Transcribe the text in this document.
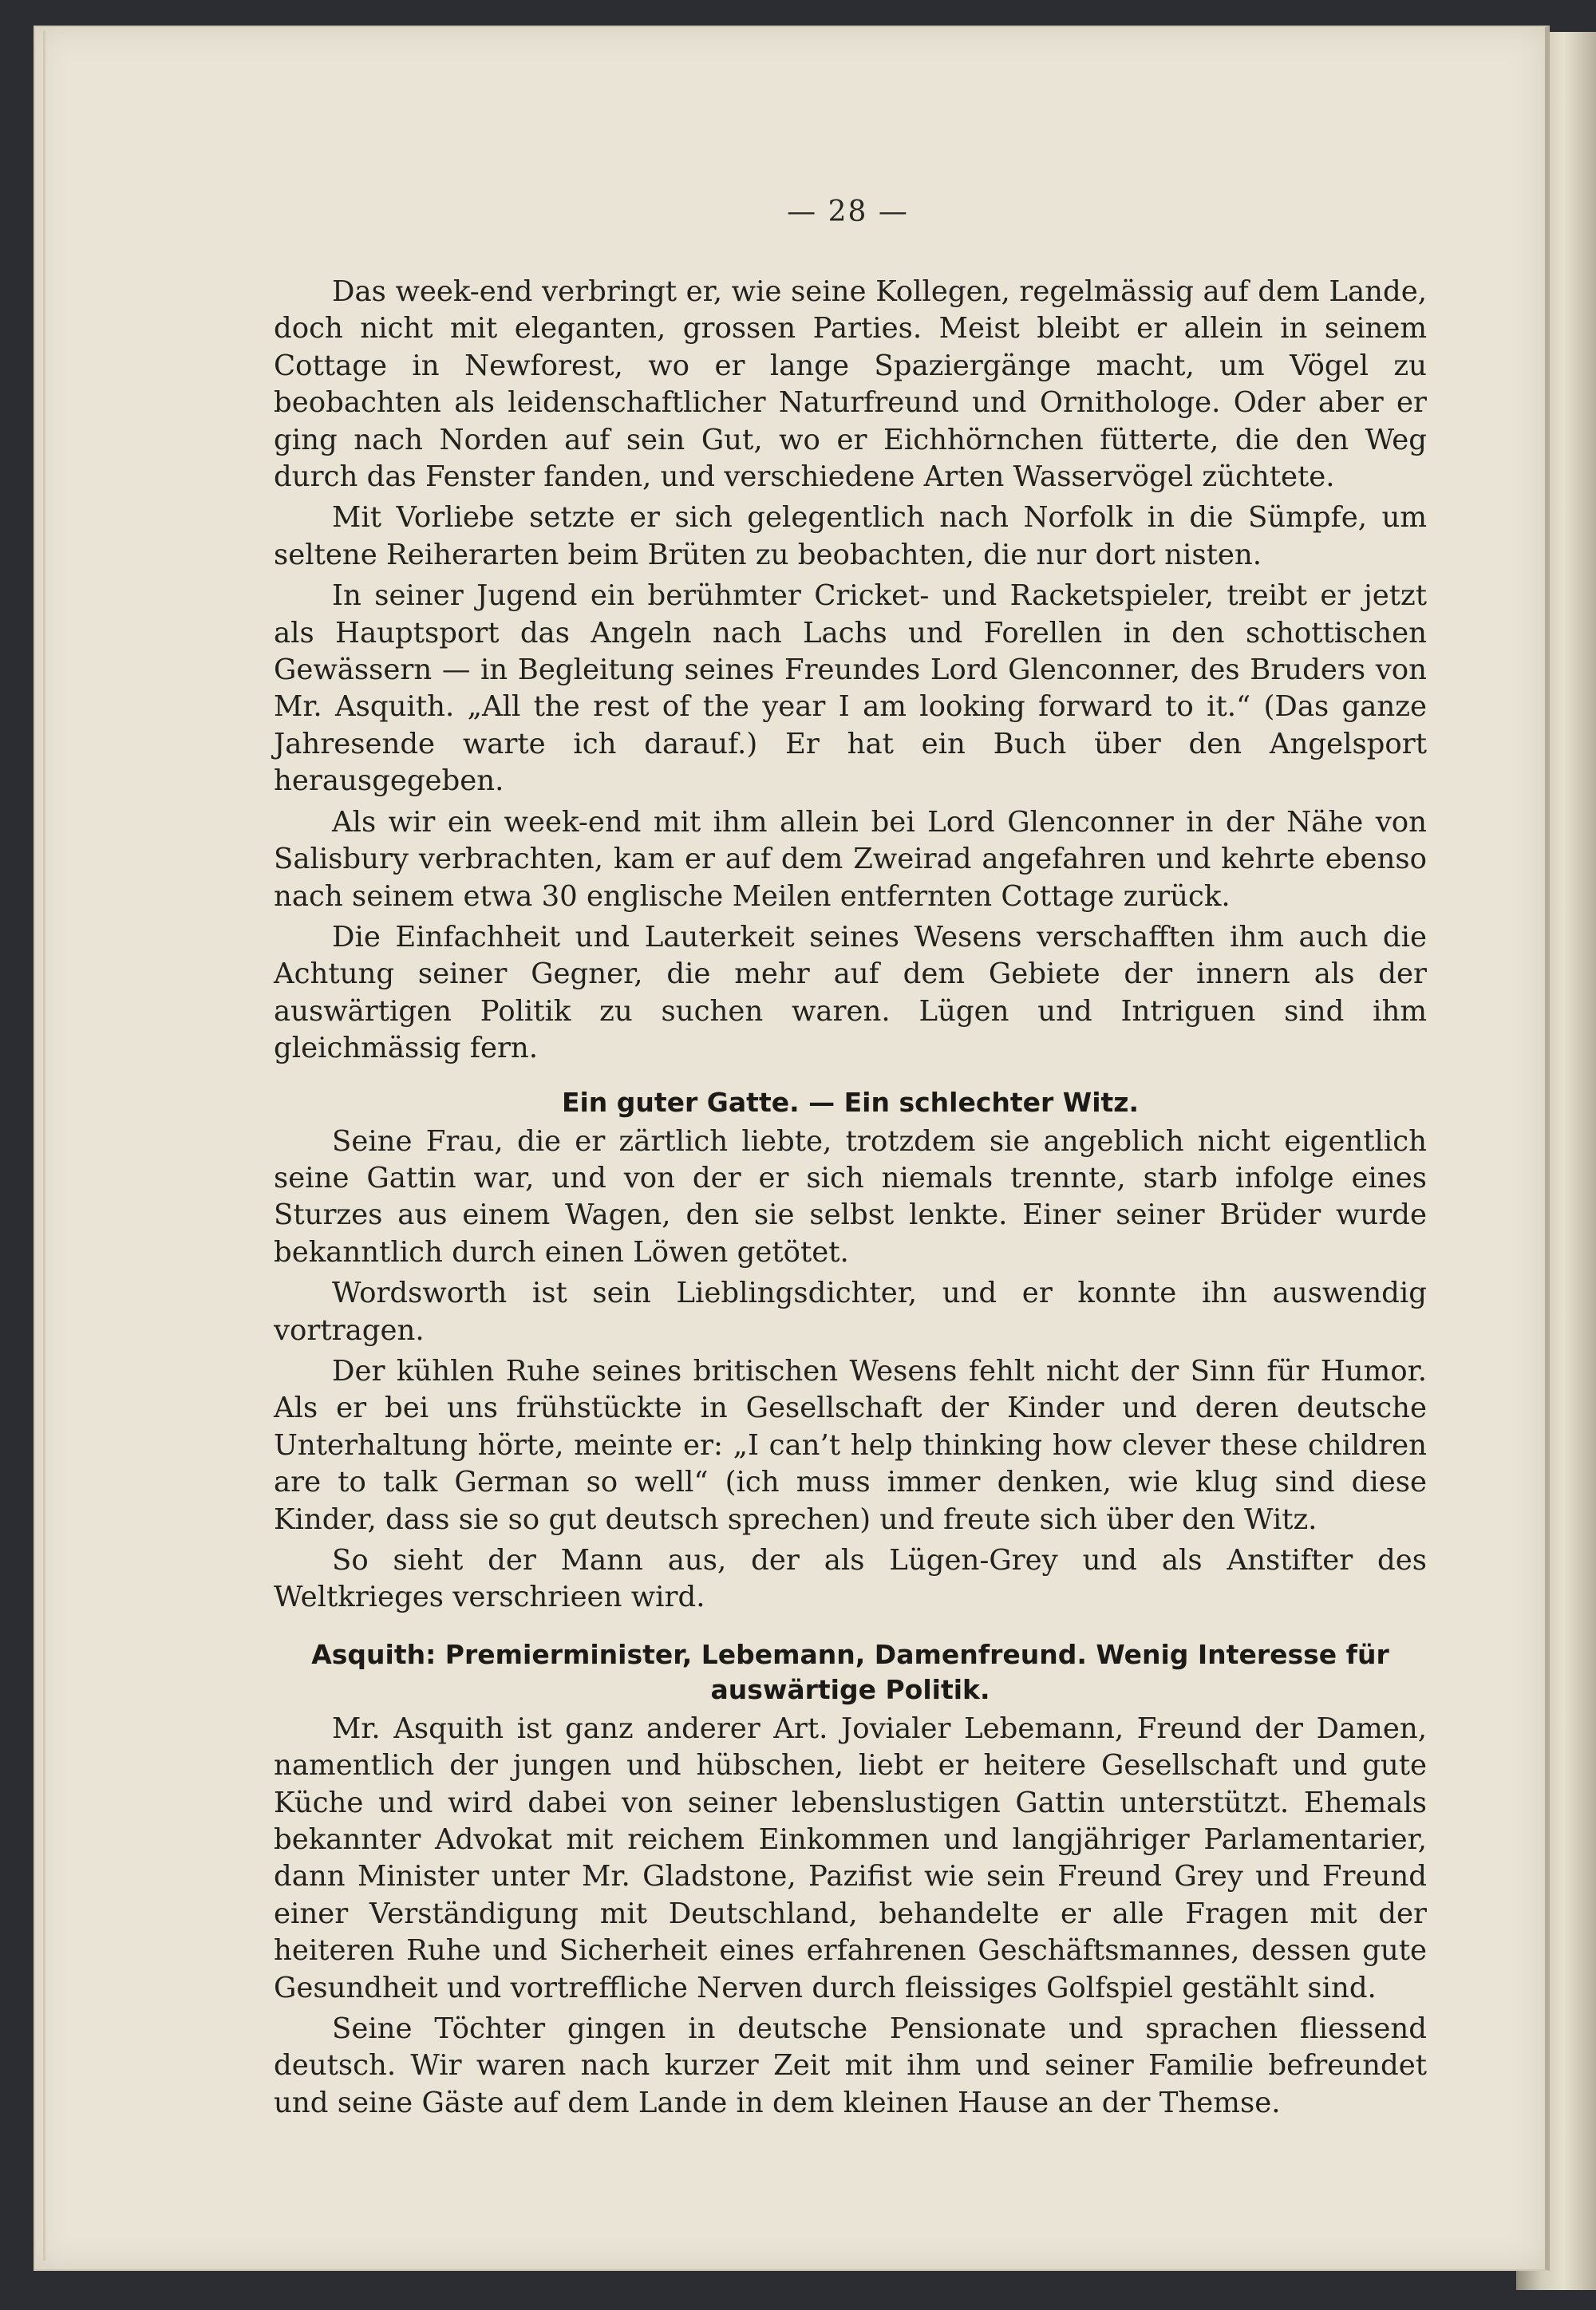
— 28 —

Das week-end verbringt er, wie seine Kollegen, regelmässig auf dem Lande, doch nicht mit eleganten, grossen Parties. Meist bleibt er allein in seinem Cottage in Newforest, wo er lange Spaziergänge macht, um Vögel zu beobachten als leidenschaftlicher Naturfreund und Ornithologe. Oder aber er ging nach Norden auf sein Gut, wo er Eichhörnchen fütterte, die den Weg durch das Fenster fanden, und verschiedene Arten Wasservögel züchtete.

Mit Vorliebe setzte er sich gelegentlich nach Norfolk in die Sümpfe, um seltene Reiherarten beim Brüten zu beobachten, die nur dort nisten.

In seiner Jugend ein berühmter Cricket- und Racketspieler, treibt er jetzt als Hauptsport das Angeln nach Lachs und Forellen in den schottischen Gewässern — in Begleitung seines Freundes Lord Glenconner, des Bruders von Mr. Asquith. „All the rest of the year I am looking forward to it.“ (Das ganze Jahresende warte ich darauf.) Er hat ein Buch über den Angelsport herausgegeben.

Als wir ein week-end mit ihm allein bei Lord Glenconner in der Nähe von Salisbury verbrachten, kam er auf dem Zweirad angefahren und kehrte ebenso nach seinem etwa 30 englische Meilen entfernten Cottage zurück.

Die Einfachheit und Lauterkeit seines Wesens verschafften ihm auch die Achtung seiner Gegner, die mehr auf dem Gebiete der innern als der auswärtigen Politik zu suchen waren. Lügen und Intriguen sind ihm gleichmässig fern.

Ein guter Gatte. — Ein schlechter Witz.

Seine Frau, die er zärtlich liebte, trotzdem sie angeblich nicht eigentlich seine Gattin war, und von der er sich niemals trennte, starb infolge eines Sturzes aus einem Wagen, den sie selbst lenkte. Einer seiner Brüder wurde bekanntlich durch einen Löwen getötet.

Wordsworth ist sein Lieblingsdichter, und er konnte ihn auswendig vortragen.

Der kühlen Ruhe seines britischen Wesens fehlt nicht der Sinn für Humor. Als er bei uns frühstückte in Gesellschaft der Kinder und deren deutsche Unterhaltung hörte, meinte er: „I can’t help thinking how clever these children are to talk German so well“ (ich muss immer denken, wie klug sind diese Kinder, dass sie so gut deutsch sprechen) und freute sich über den Witz.

So sieht der Mann aus, der als Lügen-Grey und als Anstifter des Weltkrieges verschrieen wird.

Asquith: Premierminister, Lebemann, Damenfreund. Wenig Interesse für auswärtige Politik.

Mr. Asquith ist ganz anderer Art. Jovialer Lebemann, Freund der Damen, namentlich der jungen und hübschen, liebt er heitere Gesellschaft und gute Küche und wird dabei von seiner lebenslustigen Gattin unterstützt. Ehemals bekannter Advokat mit reichem Einkommen und langjähriger Parlamentarier, dann Minister unter Mr. Gladstone, Pazifist wie sein Freund Grey und Freund einer Verständigung mit Deutschland, behandelte er alle Fragen mit der heiteren Ruhe und Sicherheit eines erfahrenen Geschäftsmannes, dessen gute Gesundheit und vortreffliche Nerven durch fleissiges Golfspiel gestählt sind.

Seine Töchter gingen in deutsche Pensionate und sprachen fliessend deutsch. Wir waren nach kurzer Zeit mit ihm und seiner Familie befreundet und seine Gäste auf dem Lande in dem kleinen Hause an der Themse.
